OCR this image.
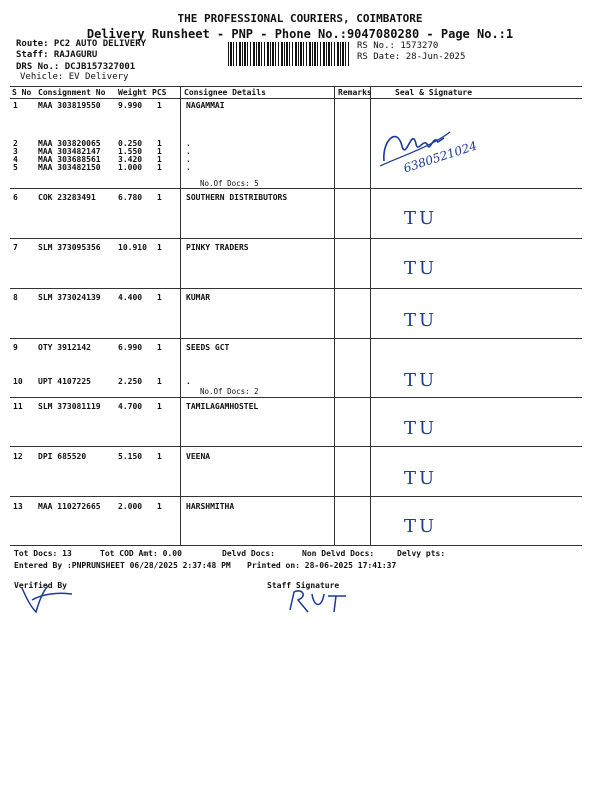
THE PROFESSIONAL COURIERS, COIMBATORE
Delivery Runsheet - PNP - Phone No.:9047080280 - Page No.:1
Route: PC2 AUTO DELIVERY
Staff: RAJAGURU
DRS No.: DCJB157327001
Vehicle: EV Delivery
RS No.: 1573270
RS Date: 28-Jun-2025
S No Consignment No Weight PCS Consignee Details	Remarks	Seal & Signature
1	MAA 303819550 9.990 1	NAGAMMAI
2	MAA 303820065 0.250 1	.
3	MAA 303482147 1.550 1	.
4	MAA 303688561 3.420 1	.
5	MAA 303482150 1.000 1	.
6	COK 23283491	6.780 1	SOUTHERN DISTRIBUTORS
7	SLM 373095356 10.910 1	PINKY TRADERS
8	SLM 373024139 4.400 1	KUMAR
9	OTY 3912142	6.990 1	SEEDS GCT
10 UPT 4107225	2.250 1	.
11 SLM 373081119 4.700 1	TAMILAGAMHOSTEL
12 DPI 685520	5.150 1	VEENA
13 MAA 110272665 2.000 1	HARSHMITHA
No.Of Docs: 5
No.Of Docs: 2
6380521024
TU
TU
TU
TU
TU
TU
TU
Tot Docs: 13	Tot COD Amt: 0.00	Delvd Docs:	Non Delvd Docs:	Delvy pts:
Entered By :PNPRUNSHEET 06/28/2025 2:37:48 PM Printed on: 28-06-2025 17:41:37
Verified By	Staff Signature
